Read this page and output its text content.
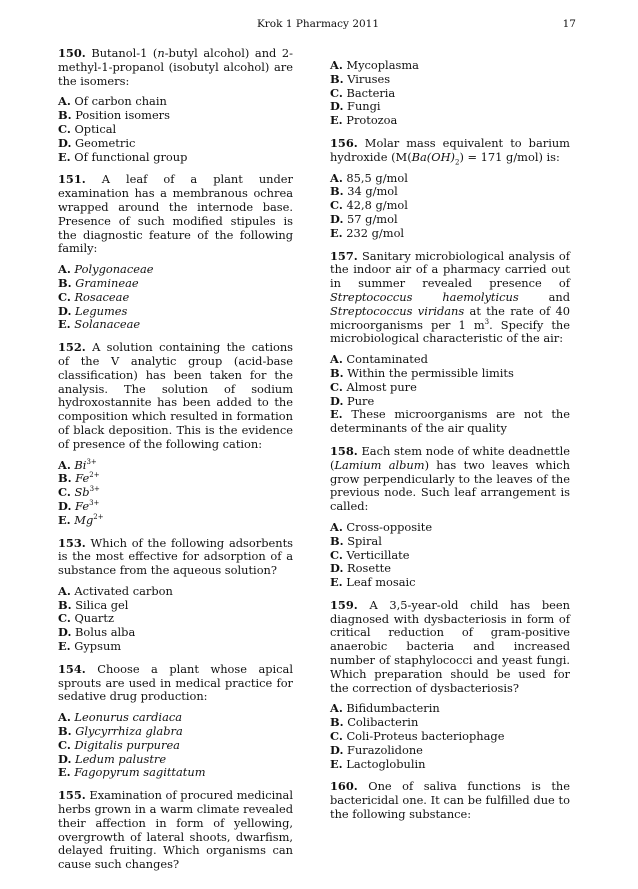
Krok 1 Pharmacy 2011	17
150. Butanol-1 (n-butyl alcohol) and 2-methyl-1-propanol (isobutyl alcohol) are the isomers:
A. Of carbon chain
B. Position isomers
C. Optical
D. Geometric
E. Of functional group
151. A leaf of a plant under examination has a membranous ochrea wrapped around the internode base. Presence of such modified stipules is the diagnostic feature of the following family:
A. Polygonaceae
B. Gramineae
C. Rosaceae
D. Legumes
E. Solanaceae
152. A solution containing the cations of the V analytic group (acid-base classification) has been taken for the analysis. The solution of sodium hydroxostannite has been added to the composition which resulted in formation of black deposition. This is the evidence of presence of the following cation:
A. $Bi^{3+}$
B. $Fe^{2+}$
C. $Sb^{3+}$
D. $Fe^{3+}$
E. $Mg^{2+}$
153. Which of the following adsorbents is the most effective for adsorption of a substance from the aqueous solution?
A. Activated carbon
B. Silica gel
C. Quartz
D. Bolus alba
E. Gypsum
154. Choose a plant whose apical sprouts are used in medical practice for sedative drug production:
A. Leonurus cardiaca
B. Glycyrrhiza glabra
C. Digitalis purpurea
D. Ledum palustre
E. Fagopyrum sagittatum
155. Examination of procured medicinal herbs grown in a warm climate revealed their affection in form of yellowing, overgrowth of lateral shoots, dwarfism, delayed fruiting. Which organisms can cause such changes?
A. Mycoplasma
B. Viruses
C. Bacteria
D. Fungi
E. Protozoa
156. Molar mass equivalent to barium hydroxide ($M(Ba(OH)_2) = 171$ g/mol) is:
A. 85,5 g/mol
B. 34 g/mol
C. 42,8 g/mol
D. 57 g/mol
E. 232 g/mol
157. Sanitary microbiological analysis of the indoor air of a pharmacy carried out in summer revealed presence of Streptococcus haemolyticus and Streptococcus viridans at the rate of 40 microorganisms per 1 $m^3$. Specify the microbiological characteristic of the air:
A. Contaminated
B. Within the permissible limits
C. Almost pure
D. Pure
E. These microorganisms are not the determinants of the air quality
158. Each stem node of white deadnettle (Lamium album) has two leaves which grow perpendicularly to the leaves of the previous node. Such leaf arrangement is called:
A. Cross-opposite
B. Spiral
C. Verticillate
D. Rosette
E. Leaf mosaic
159. A 3,5-year-old child has been diagnosed with dysbacteriosis in form of critical reduction of gram-positive anaerobic bacteria and increased number of staphylococci and yeast fungi. Which preparation should be used for the correction of dysbacteriosis?
A. Bifidumbacterin
B. Colibacterin
C. Coli-Proteus bacteriophage
D. Furazolidone
E. Lactoglobulin
160. One of saliva functions is the bactericidal one. It can be fulfilled due to the following substance:
